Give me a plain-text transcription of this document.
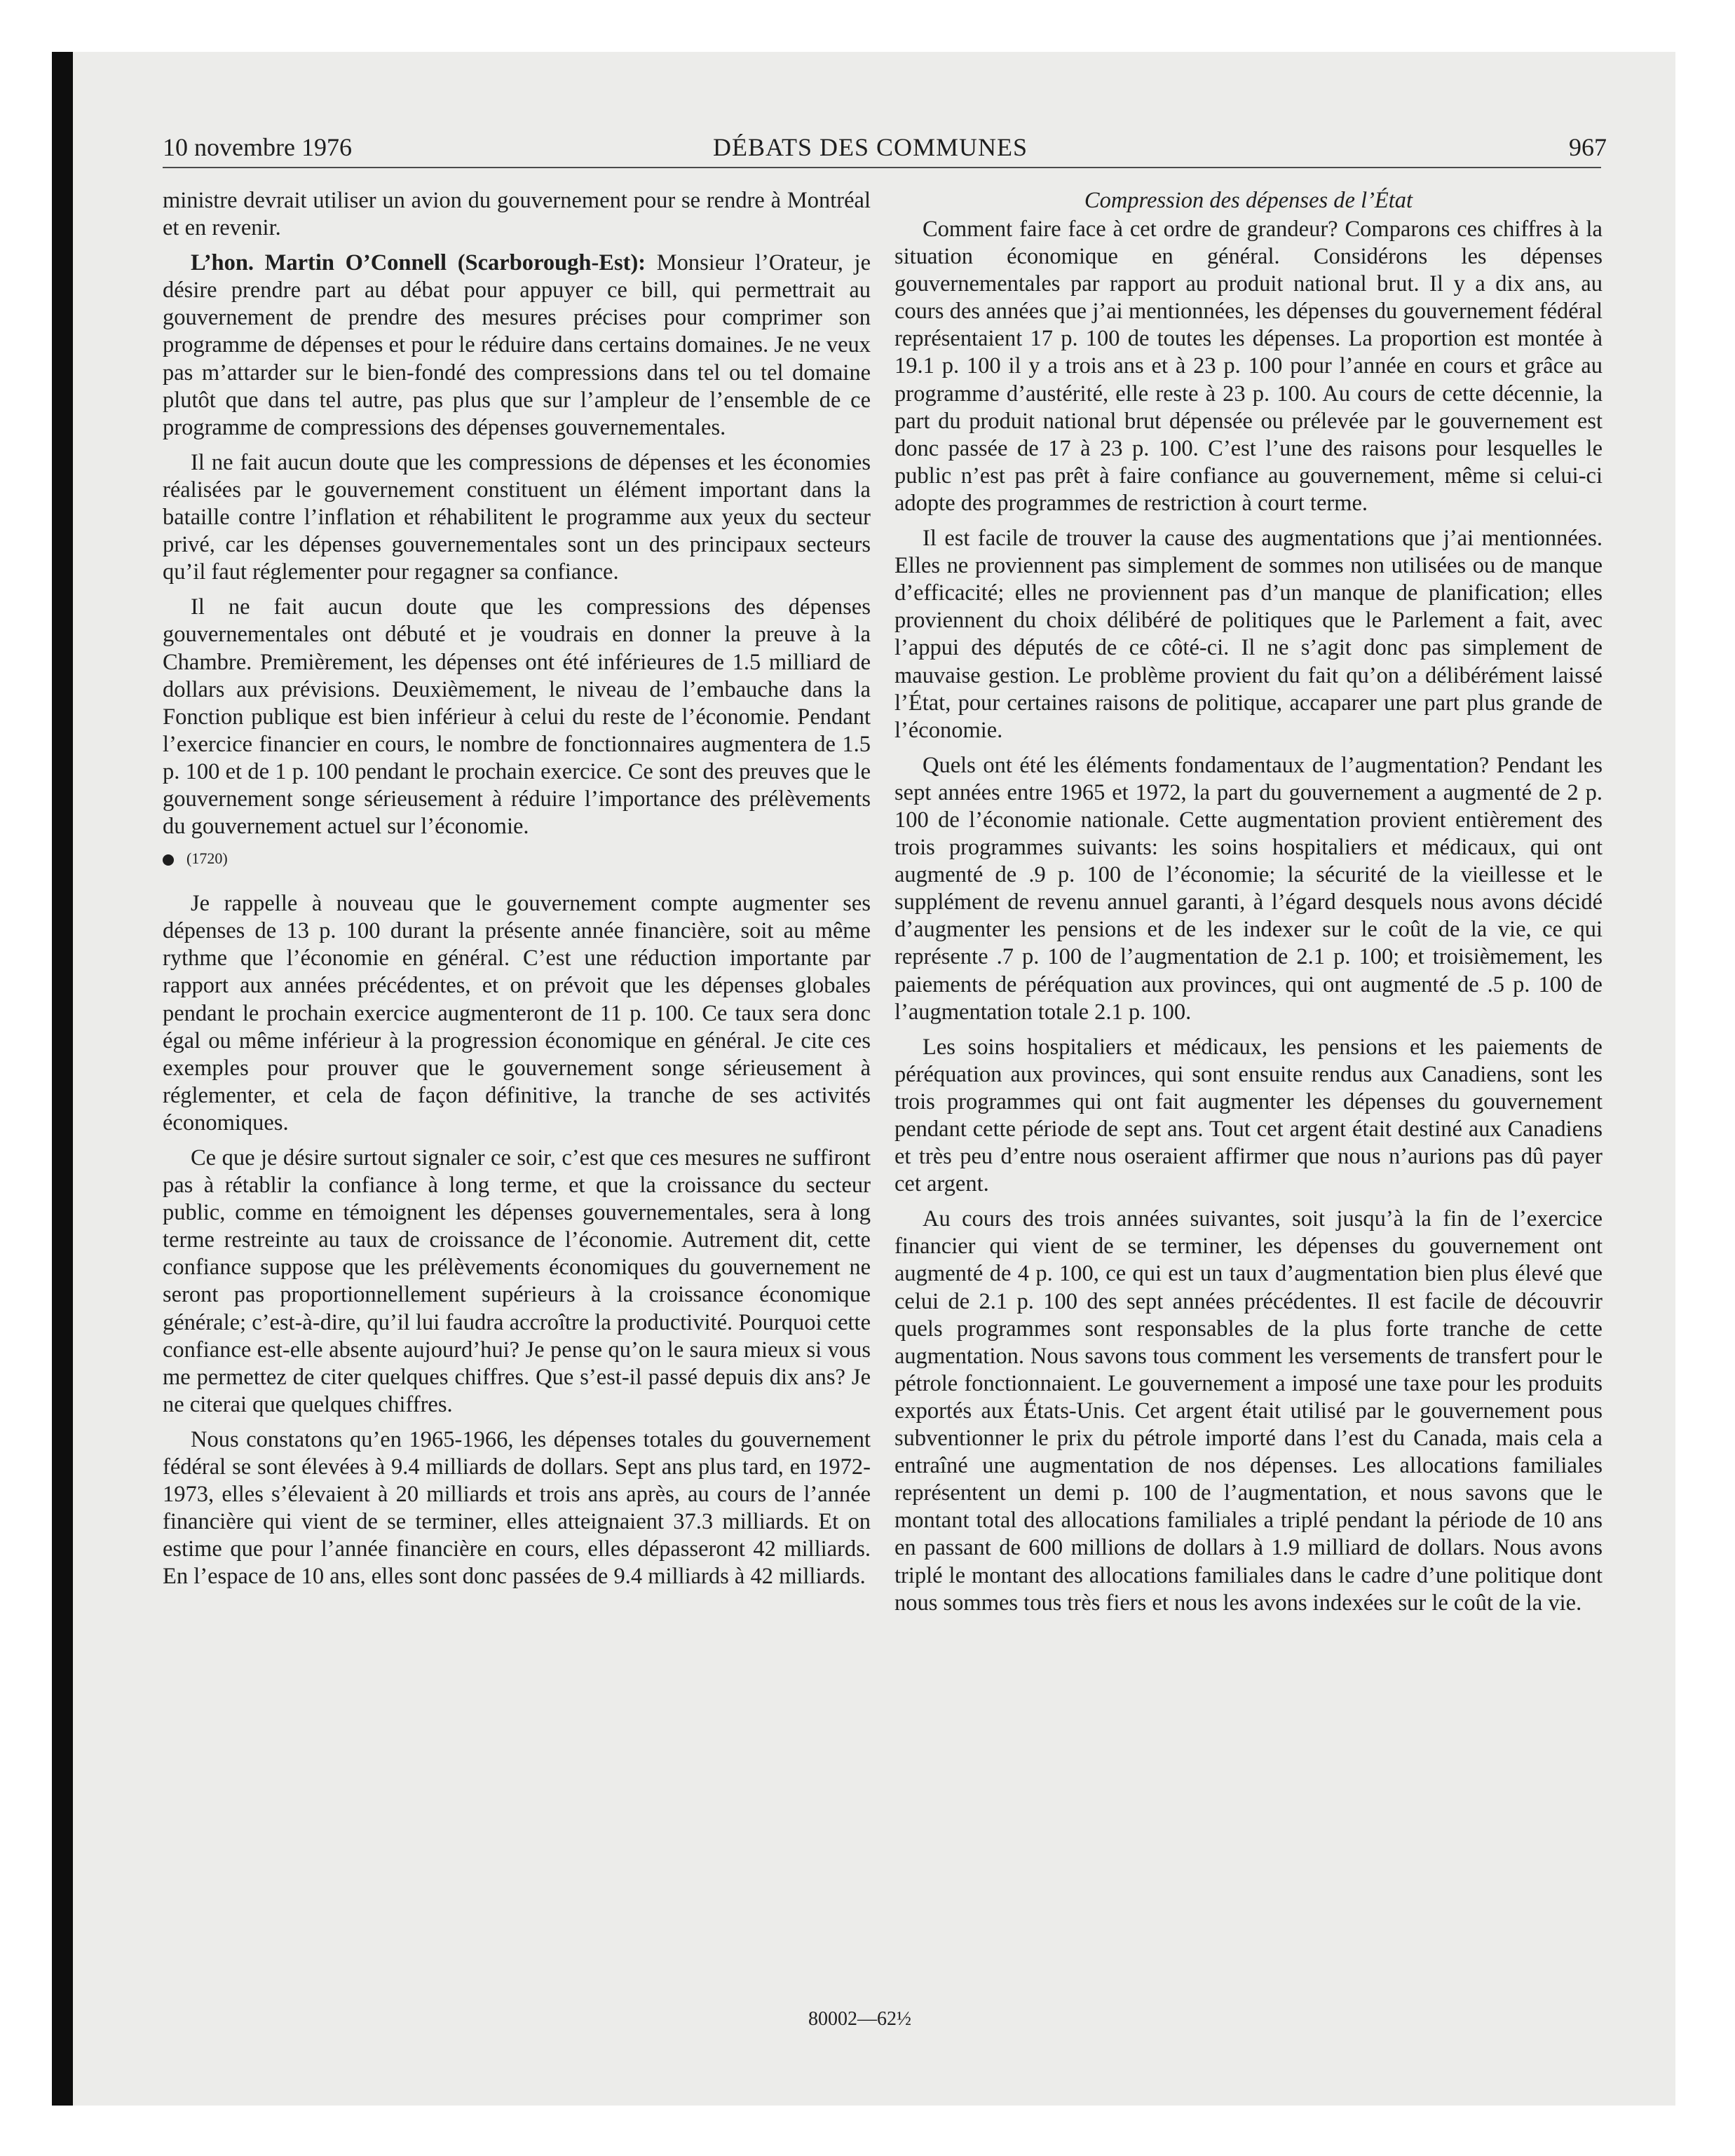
10 novembre 1976	DÉBATS DES COMMUNES	967

ministre devrait utiliser un avion du gouvernement pour se rendre à Montréal et en revenir.

L’hon. Martin O’Connell (Scarborough-Est): Monsieur l’Orateur, je désire prendre part au débat pour appuyer ce bill, qui permettrait au gouvernement de prendre des mesures précises pour comprimer son programme de dépenses et pour le réduire dans certains domaines. Je ne veux pas m’attarder sur le bien-fondé des compressions dans tel ou tel domaine plutôt que dans tel autre, pas plus que sur l’ampleur de l’ensemble de ce programme de compressions des dépenses gouvernementales.

Il ne fait aucun doute que les compressions de dépenses et les économies réalisées par le gouvernement constituent un élément important dans la bataille contre l’inflation et réhabilitent le programme aux yeux du secteur privé, car les dépenses gouvernementales sont un des principaux secteurs qu’il faut réglementer pour regagner sa confiance.

Il ne fait aucun doute que les compressions des dépenses gouvernementales ont débuté et je voudrais en donner la preuve à la Chambre. Premièrement, les dépenses ont été inférieures de 1.5 milliard de dollars aux prévisions. Deuxièmement, le niveau de l’embauche dans la Fonction publique est bien inférieur à celui du reste de l’économie. Pendant l’exercice financier en cours, le nombre de fonctionnaires augmentera de 1.5 p. 100 et de 1 p. 100 pendant le prochain exercice. Ce sont des preuves que le gouvernement songe sérieusement à réduire l’importance des prélèvements du gouvernement actuel sur l’économie.

(1720)

Je rappelle à nouveau que le gouvernement compte augmenter ses dépenses de 13 p. 100 durant la présente année financière, soit au même rythme que l’économie en général. C’est une réduction importante par rapport aux années précédentes, et on prévoit que les dépenses globales pendant le prochain exercice augmenteront de 11 p. 100. Ce taux sera donc égal ou même inférieur à la progression économique en général. Je cite ces exemples pour prouver que le gouvernement songe sérieusement à réglementer, et cela de façon définitive, la tranche de ses activités économiques.

Ce que je désire surtout signaler ce soir, c’est que ces mesures ne suffiront pas à rétablir la confiance à long terme, et que la croissance du secteur public, comme en témoignent les dépenses gouvernementales, sera à long terme restreinte au taux de croissance de l’économie. Autrement dit, cette confiance suppose que les prélèvements économiques du gouvernement ne seront pas proportionnellement supérieurs à la croissance économique générale; c’est-à-dire, qu’il lui faudra accroître la productivité. Pourquoi cette confiance est-elle absente aujourd’hui? Je pense qu’on le saura mieux si vous me permettez de citer quelques chiffres. Que s’est-il passé depuis dix ans? Je ne citerai que quelques chiffres.

Nous constatons qu’en 1965-1966, les dépenses totales du gouvernement fédéral se sont élevées à 9.4 milliards de dollars. Sept ans plus tard, en 1972-1973, elles s’élevaient à 20 milliards et trois ans après, au cours de l’année financière qui vient de se terminer, elles atteignaient 37.3 milliards. Et on estime que pour l’année financière en cours, elles dépasseront 42 milliards. En l’espace de 10 ans, elles sont donc passées de 9.4 milliards à 42 milliards.

Compression des dépenses de l’État

Comment faire face à cet ordre de grandeur? Comparons ces chiffres à la situation économique en général. Considérons les dépenses gouvernementales par rapport au produit national brut. Il y a dix ans, au cours des années que j’ai mentionnées, les dépenses du gouvernement fédéral représentaient 17 p. 100 de toutes les dépenses. La proportion est montée à 19.1 p. 100 il y a trois ans et à 23 p. 100 pour l’année en cours et grâce au programme d’austérité, elle reste à 23 p. 100. Au cours de cette décennie, la part du produit national brut dépensée ou prélevée par le gouvernement est donc passée de 17 à 23 p. 100. C’est l’une des raisons pour lesquelles le public n’est pas prêt à faire confiance au gouvernement, même si celui-ci adopte des programmes de restriction à court terme.

Il est facile de trouver la cause des augmentations que j’ai mentionnées. Elles ne proviennent pas simplement de sommes non utilisées ou de manque d’efficacité; elles ne proviennent pas d’un manque de planification; elles proviennent du choix délibéré de politiques que le Parlement a fait, avec l’appui des députés de ce côté-ci. Il ne s’agit donc pas simplement de mauvaise gestion. Le problème provient du fait qu’on a délibérément laissé l’État, pour certaines raisons de politique, accaparer une part plus grande de l’économie.

Quels ont été les éléments fondamentaux de l’augmentation? Pendant les sept années entre 1965 et 1972, la part du gouvernement a augmenté de 2 p. 100 de l’économie nationale. Cette augmentation provient entièrement des trois programmes suivants: les soins hospitaliers et médicaux, qui ont augmenté de .9 p. 100 de l’économie; la sécurité de la vieillesse et le supplément de revenu annuel garanti, à l’égard desquels nous avons décidé d’augmenter les pensions et de les indexer sur le coût de la vie, ce qui représente .7 p. 100 de l’augmentation de 2.1 p. 100; et troisièmement, les paiements de péréquation aux provinces, qui ont augmenté de .5 p. 100 de l’augmentation totale 2.1 p. 100.

Les soins hospitaliers et médicaux, les pensions et les paiements de péréquation aux provinces, qui sont ensuite rendus aux Canadiens, sont les trois programmes qui ont fait augmenter les dépenses du gouvernement pendant cette période de sept ans. Tout cet argent était destiné aux Canadiens et très peu d’entre nous oseraient affirmer que nous n’aurions pas dû payer cet argent.

Au cours des trois années suivantes, soit jusqu’à la fin de l’exercice financier qui vient de se terminer, les dépenses du gouvernement ont augmenté de 4 p. 100, ce qui est un taux d’augmentation bien plus élevé que celui de 2.1 p. 100 des sept années précédentes. Il est facile de découvrir quels programmes sont responsables de la plus forte tranche de cette augmentation. Nous savons tous comment les versements de transfert pour le pétrole fonctionnaient. Le gouvernement a imposé une taxe pour les produits exportés aux États-Unis. Cet argent était utilisé par le gouvernement pous subventionner le prix du pétrole importé dans l’est du Canada, mais cela a entraîné une augmentation de nos dépenses. Les allocations familiales représentent un demi p. 100 de l’augmentation, et nous savons que le montant total des allocations familiales a triplé pendant la période de 10 ans en passant de 600 millions de dollars à 1.9 milliard de dollars. Nous avons triplé le montant des allocations familiales dans le cadre d’une politique dont nous sommes tous très fiers et nous les avons indexées sur le coût de la vie.

80002—62½
